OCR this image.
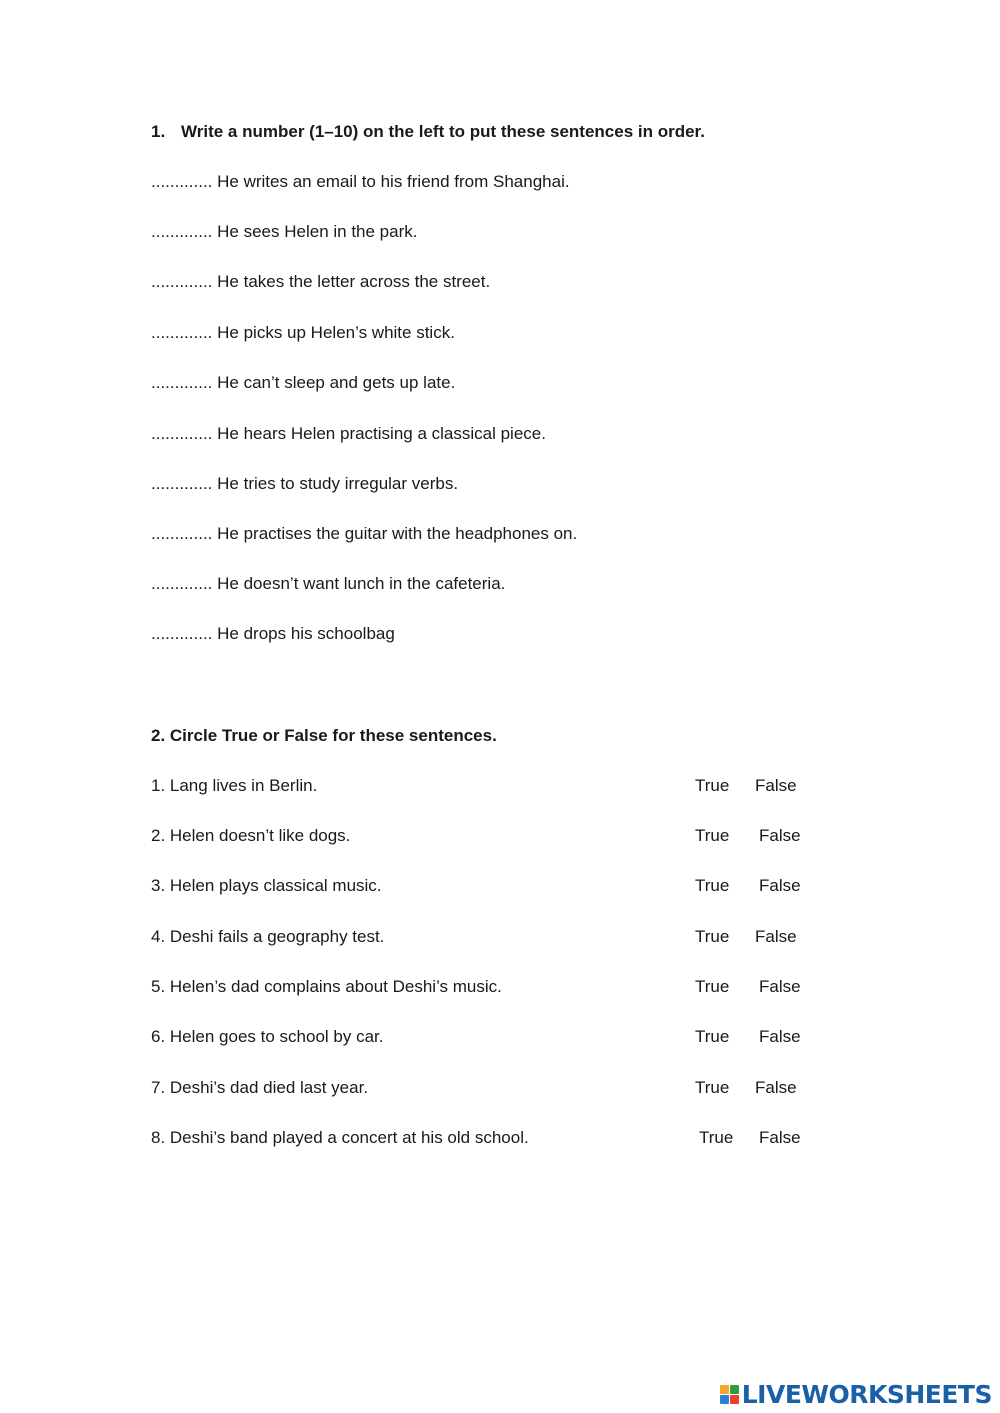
1. Write a number (1–10) on the left to put these sentences in order.
............. He writes an email to his friend from Shanghai.
............. He sees Helen in the park.
............. He takes the letter across the street.
............. He picks up Helen’s white stick.
............. He can’t sleep and gets up late.
............. He hears Helen practising a classical piece.
............. He tries to study irregular verbs.
............. He practises the guitar with the headphones on.
............. He doesn’t want lunch in the cafeteria.
............. He drops his schoolbag
2. Circle True or False for these sentences.
1. Lang lives in Berlin.	True False
2. Helen doesn’t like dogs.	True False
3. Helen plays classical music.	True False
4. Deshi fails a geography test.	True False
5. Helen’s dad complains about Deshi’s music.	True False
6. Helen goes to school by car.	True False
7. Deshi’s dad died last year.	True False
8. Deshi’s band played a concert at his old school.	True False
LIVEWORKSHEETS
